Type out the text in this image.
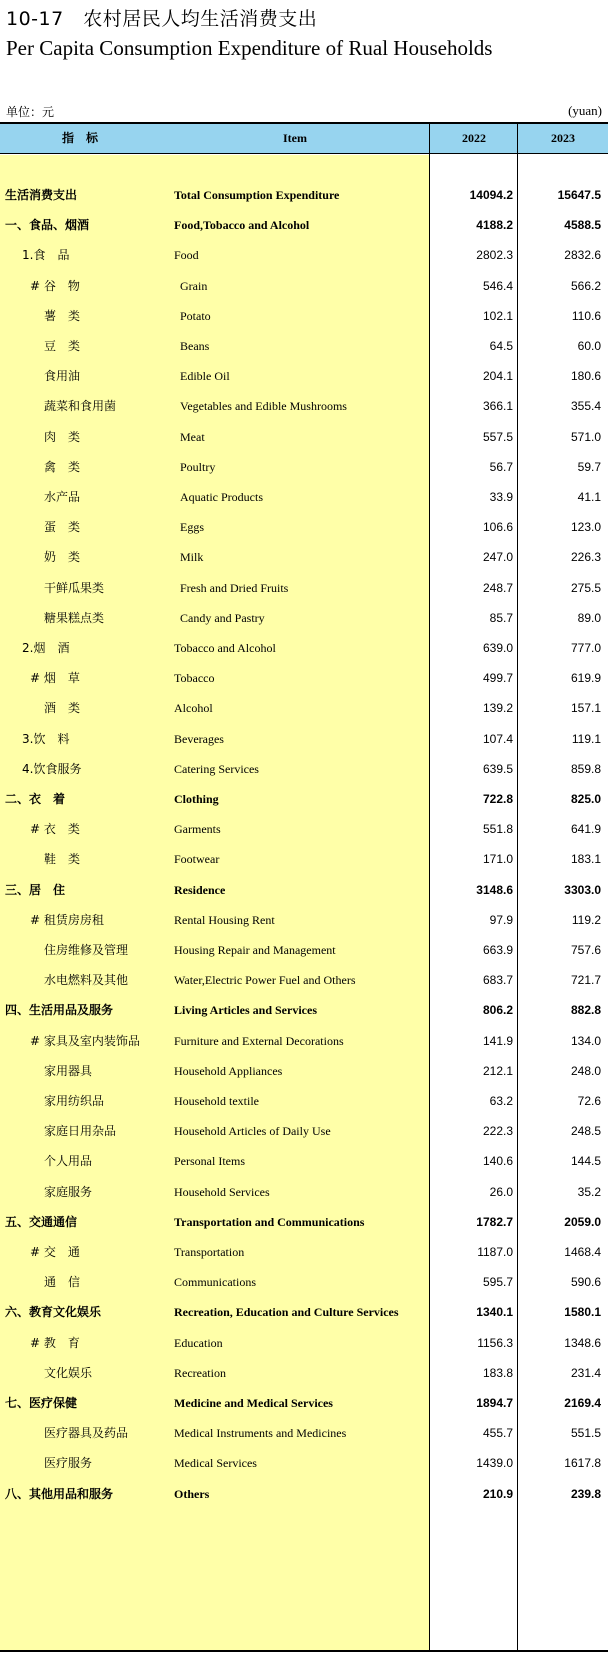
10-17　 农村居民人均生活消费支出
Per Capita Consumption Expenditure of Rual Households
单位：元	(yuan)
指　标	Item	2022	2023
生活消费支出	Total Consumption Expenditure	14094.2	15647.5
一、食品、烟酒	Food,Tobacco and Alcohol	4188.2	4588.5
1.食　品	Food	2802.3	2832.6
# 谷　物	Grain	546.4	566.2
薯　类	Potato	102.1	110.6
豆　类	Beans	64.5	60.0
食用油	Edible Oil	204.1	180.6
蔬菜和食用菌	Vegetables and Edible Mushrooms	366.1	355.4
肉　类	Meat	557.5	571.0
禽　类	Poultry	56.7	59.7
水产品	Aquatic Products	33.9	41.1
蛋　类	Eggs	106.6	123.0
奶　类	Milk	247.0	226.3
干鲜瓜果类	Fresh and Dried Fruits	248.7	275.5
糖果糕点类	Candy and Pastry	85.7	89.0
2.烟　酒	Tobacco and Alcohol	639.0	777.0
# 烟　草	Tobacco	499.7	619.9
酒　类	Alcohol	139.2	157.1
3.饮　料	Beverages	107.4	119.1
4.饮食服务	Catering Services	639.5	859.8
二、衣　着	Clothing	722.8	825.0
# 衣　类	Garments	551.8	641.9
鞋　类	Footwear	171.0	183.1
三、居　住	Residence	3148.6	3303.0
# 租赁房房租	Rental Housing Rent	97.9	119.2
住房维修及管理	Housing Repair and Management	663.9	757.6
水电燃料及其他	Water,Electric Power Fuel and Others	683.7	721.7
四、生活用品及服务	Living Articles and Services	806.2	882.8
# 家具及室内装饰品	Furniture and External Decorations	141.9	134.0
家用器具	Household Appliances	212.1	248.0
家用纺织品	Household textile	63.2	72.6
家庭日用杂品	Household Articles of Daily Use	222.3	248.5
个人用品	Personal Items	140.6	144.5
家庭服务	Household Services	26.0	35.2
五、交通通信	Transportation and Communications	1782.7	2059.0
# 交　通	Transportation	1187.0	1468.4
通　信	Communications	595.7	590.6
六、教育文化娱乐	Recreation, Education and Culture Services	1340.1	1580.1
# 教　育	Education	1156.3	1348.6
文化娱乐	Recreation	183.8	231.4
七、医疗保健	Medicine and Medical Services	1894.7	2169.4
医疗器具及药品	Medical Instruments and Medicines	455.7	551.5
医疗服务	Medical Services	1439.0	1617.8
八、其他用品和服务	Others	210.9	239.8
